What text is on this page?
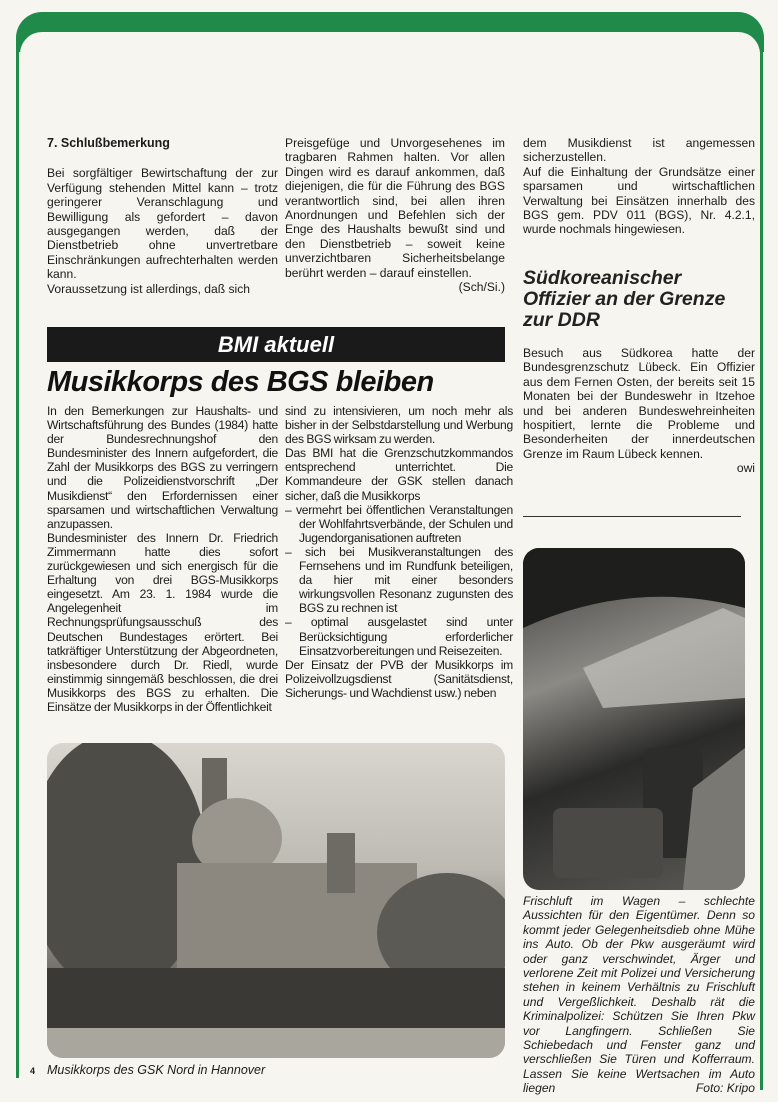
7. Schlußbemerkung

Bei sorgfältiger Bewirtschaftung der zur Verfügung stehenden Mittel kann – trotz geringerer Veranschlagung und Bewilligung als gefordert – davon ausgegangen werden, daß der Dienstbetrieb ohne unvertretbare Einschränkungen aufrechterhalten werden kann.

Voraussetzung ist allerdings, daß sich

Preisgefüge und Unvorgesehenes im tragbaren Rahmen halten. Vor allen Dingen wird es darauf ankommen, daß diejenigen, die für die Führung des BGS verantwortlich sind, bei allen ihren Anordnungen und Befehlen sich der Enge des Haushalts bewußt sind und den Dienstbetrieb – soweit keine unverzichtbaren Sicherheitsbelange berührt werden – darauf einstellen.

(Sch/Si.)

BMI aktuell
Musikkorps des BGS bleiben

In den Bemerkungen zur Haushalts- und Wirtschaftsführung des Bundes (1984) hatte der Bundesrechnungshof den Bundesminister des Innern aufgefordert, die Zahl der Musikkorps des BGS zu verringern und die Polizeidienstvorschrift „Der Musikdienst“ den Erfordernissen einer sparsamen und wirtschaftlichen Verwaltung anzupassen.

Bundesminister des Innern Dr. Friedrich Zimmermann hatte dies sofort zurückgewiesen und sich energisch für die Erhaltung von drei BGS-Musikkorps eingesetzt. Am 23. 1. 1984 wurde die Angelegenheit im Rechnungsprüfungsausschuß des Deutschen Bundestages erörtert. Bei tatkräftiger Unterstützung der Abgeordneten, insbesondere durch Dr. Riedl, wurde einstimmig sinngemäß beschlossen, die drei Musikkorps des BGS zu erhalten. Die Einsätze der Musikkorps in der Öffentlichkeit

sind zu intensivieren, um noch mehr als bisher in der Selbstdarstellung und Werbung des BGS wirksam zu werden.

Das BMI hat die Grenzschutzkommandos entsprechend unterrichtet. Die Kommandeure der GSK stellen danach sicher, daß die Musikkorps

– vermehrt bei öffentlichen Veranstaltungen der Wohlfahrtsverbände, der Schulen und Jugendorganisationen auftreten

– sich bei Musikveranstaltungen des Fernsehens und im Rundfunk beteiligen, da hier mit einer besonders wirkungsvollen Resonanz zugunsten des BGS zu rechnen ist

– optimal ausgelastet sind unter Berücksichtigung erforderlicher Einsatzvorbereitungen und Reisezeiten.

Der Einsatz der PVB der Musikkorps im Polizeivollzugsdienst (Sanitätsdienst, Sicherungs- und Wachdienst usw.) neben

dem Musikdienst ist angemessen sicherzustellen.

Auf die Einhaltung der Grundsätze einer sparsamen und wirtschaftlichen Verwaltung bei Einsätzen innerhalb des BGS gem. PDV 011 (BGS), Nr. 4.2.1, wurde nochmals hingewiesen.

Südkoreanischer Offizier an der Grenze zur DDR

Besuch aus Südkorea hatte der Bundesgrenzschutz Lübeck. Ein Offizier aus dem Fernen Osten, der bereits seit 15 Monaten bei der Bundeswehr in Itzehoe und bei anderen Bundeswehreinheiten hospitiert, lernte die Probleme und Besonderheiten der innerdeutschen Grenze im Raum Lübeck kennen.

owi

Frischluft im Wagen – schlechte Aussichten für den Eigentümer. Denn so kommt jeder Gelegenheitsdieb ohne Mühe ins Auto. Ob der Pkw ausgeräumt wird oder ganz verschwindet, Ärger und verlorene Zeit mit Polizei und Versicherung stehen in keinem Verhältnis zu Frischluft und Vergeßlichkeit. Deshalb rät die Kriminalpolizei: Schützen Sie Ihren Pkw vor Langfingern. Schließen Sie Schiebedach und Fenster ganz und verschließen Sie Türen und Kofferraum. Lassen Sie keine Wertsachen im Auto liegen	Foto: Kripo
4 Musikkorps des GSK Nord in Hannover
